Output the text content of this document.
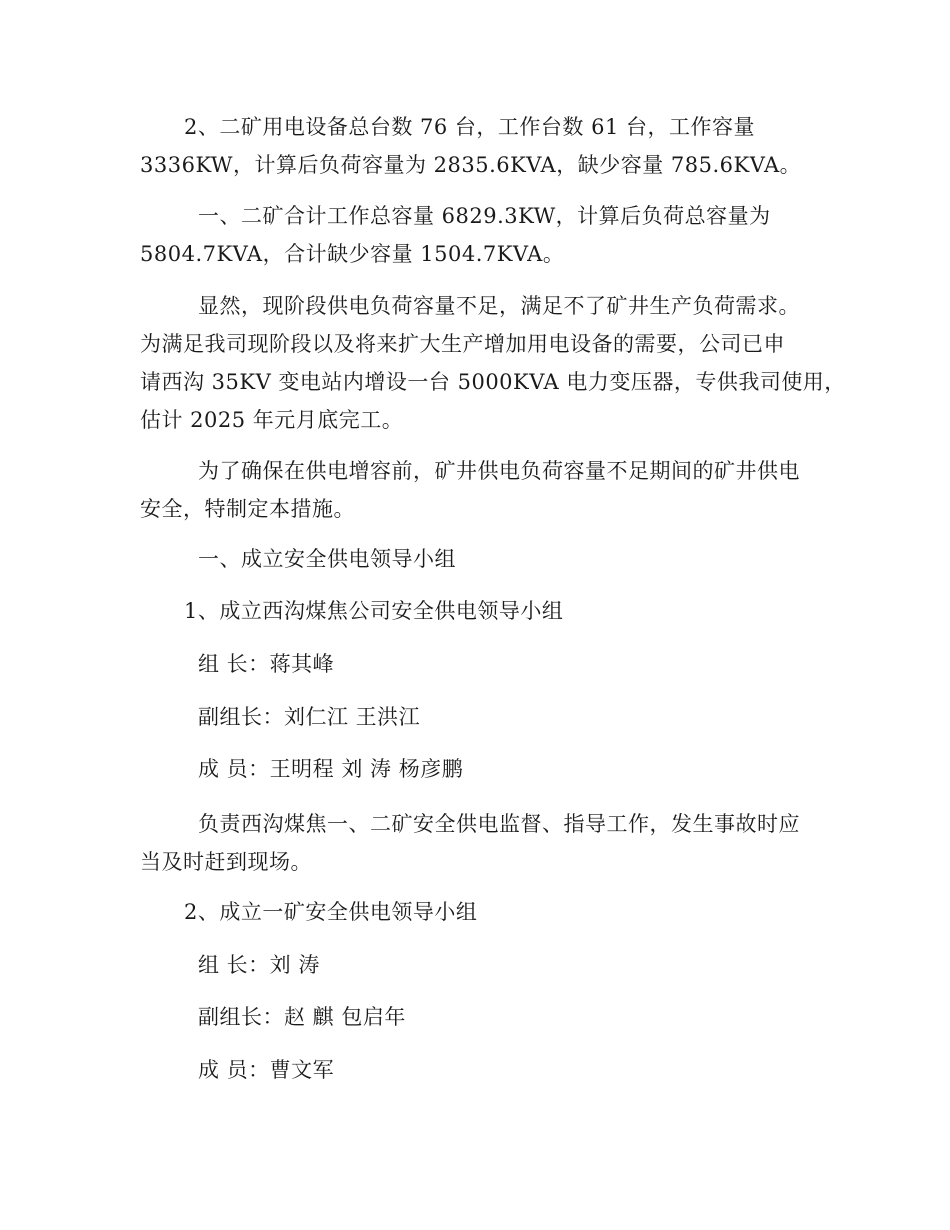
2、二矿用电设备总台数 76 台，工作台数 61 台，工作容量
3336KW，计算后负荷容量为 2835.6KVA，缺少容量 785.6KVA。

一、二矿合计工作总容量 6829.3KW，计算后负荷总容量为
5804.7KVA，合计缺少容量 1504.7KVA。

显然，现阶段供电负荷容量不足，满足不了矿井生产负荷需求。
为满足我司现阶段以及将来扩大生产增加用电设备的需要，公司已申
请西沟 35KV 变电站内增设一台 5000KVA 电力变压器，专供我司使用，
估计 2025 年元月底完工。

为了确保在供电增容前，矿井供电负荷容量不足期间的矿井供电
安全，特制定本措施。

一、成立安全供电领导小组

1、成立西沟煤焦公司安全供电领导小组

组 长：蒋其峰

副组长：刘仁江 王洪江

成 员：王明程 刘 涛 杨彦鹏

负责西沟煤焦一、二矿安全供电监督、指导工作，发生事故时应
当及时赶到现场。

2、成立一矿安全供电领导小组

组 长：刘 涛

副组长：赵 麒 包启年

成 员：曹文军
